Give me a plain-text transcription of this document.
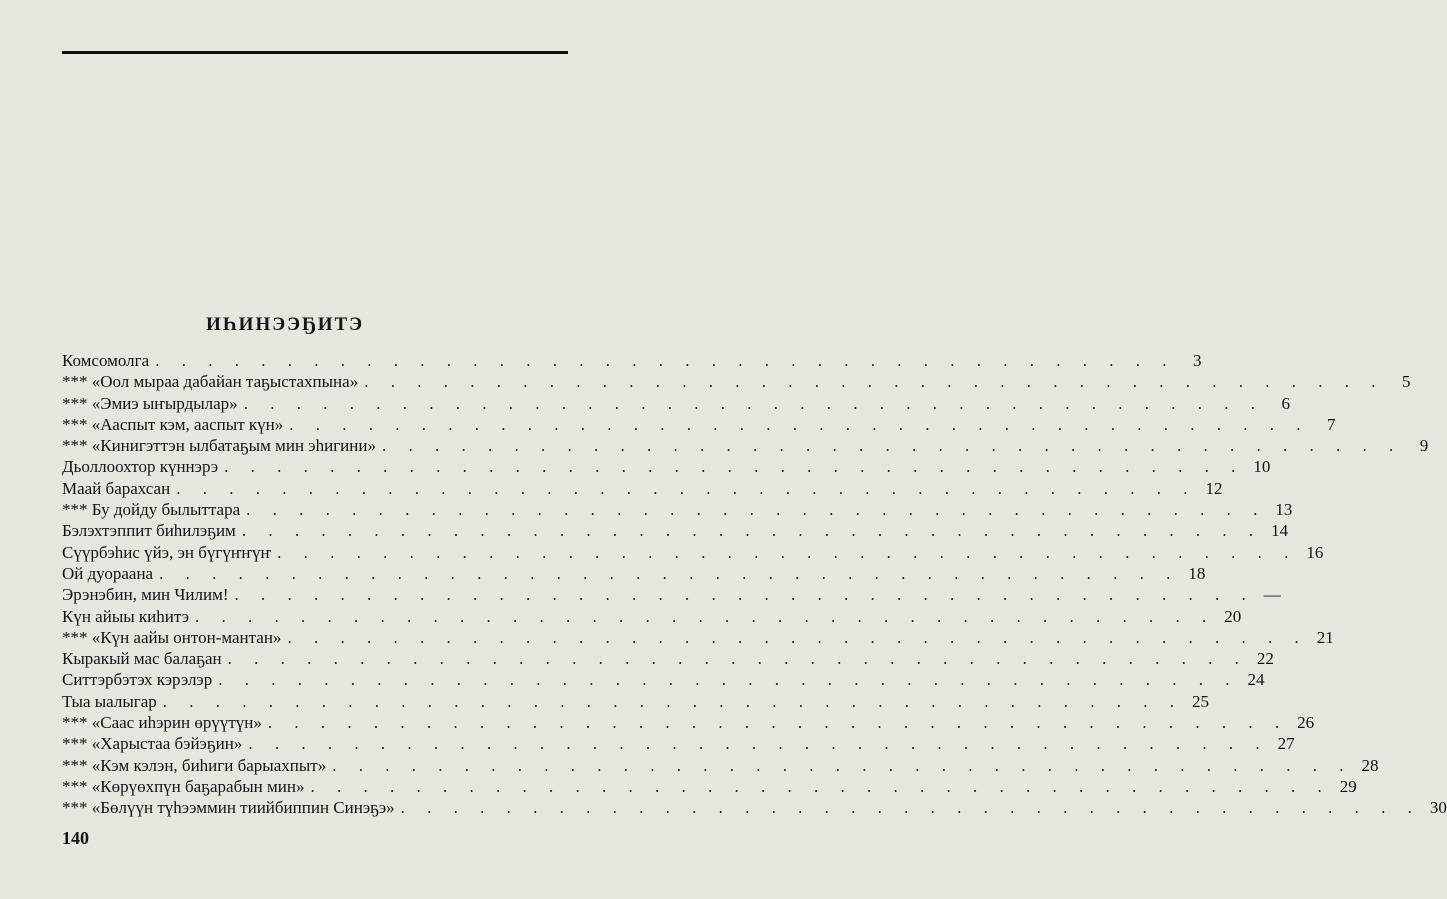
ИҺИНЭЭҔИТЭ
Комсомолга . . . . . . . . . . . . . . . . . . . . . . . . . . . . . . . . . . . . . . .	3
*** «Оол мыраа дабайан таҕыстахпына» . . . . . . . . . . . . . . . . . . . . . . . . . . . . . . . . . . . . . . .	5
*** «Эмиэ ыҥырдылар» . . . . . . . . . . . . . . . . . . . . . . . . . . . . . . . . . . . . . . .	6
*** «Ааспыт кэм, ааспыт күн» . . . . . . . . . . . . . . . . . . . . . . . . . . . . . . . . . . . . . . .	7
*** «Кинигэттэн ылбатаҕым мин эһигини» . . . . . . . . . . . . . . . . . . . . . . . . . . . . . . . . . . . . . . .	9
Дьоллоохтор күннэрэ . . . . . . . . . . . . . . . . . . . . . . . . . . . . . . . . . . . . . . . 10
Маай барахсан . . . . . . . . . . . . . . . . . . . . . . . . . . . . . . . . . . . . . . . 12
*** Бу дойду былыттара . . . . . . . . . . . . . . . . . . . . . . . . . . . . . . . . . . . . . . . 13
Бэлэхтэппит биһилэҕим . . . . . . . . . . . . . . . . . . . . . . . . . . . . . . . . . . . . . . . 14
Сүүрбэһис үйэ, эн бүгүҥҥүҥ . . . . . . . . . . . . . . . . . . . . . . . . . . . . . . . . . . . . . . . 16
Ой дуораана . . . . . . . . . . . . . . . . . . . . . . . . . . . . . . . . . . . . . . . 18
Эрэнэбин, мин Чилим! . . . . . . . . . . . . . . . . . . . . . . . . . . . . . . . . . . . . . . . —
Күн айыы киһитэ . . . . . . . . . . . . . . . . . . . . . . . . . . . . . . . . . . . . . . . 20
*** «Күн аайы онтон-мантан» . . . . . . . . . . . . . . . . . . . . . . . . . . . . . . . . . . . . . . . 21
Кыракый мас балаҕан . . . . . . . . . . . . . . . . . . . . . . . . . . . . . . . . . . . . . . . 22
Ситтэрбэтэх кэрэлэр . . . . . . . . . . . . . . . . . . . . . . . . . . . . . . . . . . . . . . . 24
Тыа ыалыгар . . . . . . . . . . . . . . . . . . . . . . . . . . . . . . . . . . . . . . . 25
*** «Саас иһэрин өрүүтүн» . . . . . . . . . . . . . . . . . . . . . . . . . . . . . . . . . . . . . . . 26
*** «Харыстаа бэйэҕин» . . . . . . . . . . . . . . . . . . . . . . . . . . . . . . . . . . . . . . . 27
*** «Кэм кэлэн, биһиги барыахпыт» . . . . . . . . . . . . . . . . . . . . . . . . . . . . . . . . . . . . . . . 28
*** «Көрүөхпүн баҕарабын мин» . . . . . . . . . . . . . . . . . . . . . . . . . . . . . . . . . . . . . . . 29
*** «Бөлүүн түһээммин тиийбиппин Синэҕэ» . . . . . . . . . . . . . . . . . . . . . . . . . . . . . . . . . . . . . . . 30
140
